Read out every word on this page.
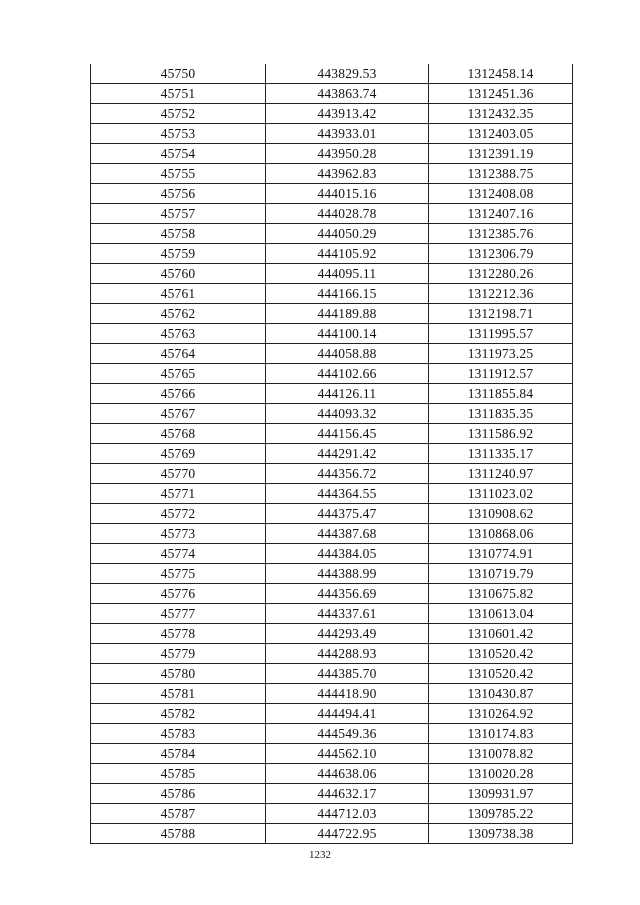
45750	443829.53	1312458.14
45751	443863.74	1312451.36
45752	443913.42	1312432.35
45753	443933.01	1312403.05
45754	443950.28	1312391.19
45755	443962.83	1312388.75
45756	444015.16	1312408.08
45757	444028.78	1312407.16
45758	444050.29	1312385.76
45759	444105.92	1312306.79
45760	444095.11	1312280.26
45761	444166.15	1312212.36
45762	444189.88	1312198.71
45763	444100.14	1311995.57
45764	444058.88	1311973.25
45765	444102.66	1311912.57
45766	444126.11	1311855.84
45767	444093.32	1311835.35
45768	444156.45	1311586.92
45769	444291.42	1311335.17
45770	444356.72	1311240.97
45771	444364.55	1311023.02
45772	444375.47	1310908.62
45773	444387.68	1310868.06
45774	444384.05	1310774.91
45775	444388.99	1310719.79
45776	444356.69	1310675.82
45777	444337.61	1310613.04
45778	444293.49	1310601.42
45779	444288.93	1310520.42
45780	444385.70	1310520.42
45781	444418.90	1310430.87
45782	444494.41	1310264.92
45783	444549.36	1310174.83
45784	444562.10	1310078.82
45785	444638.06	1310020.28
45786	444632.17	1309931.97
45787	444712.03	1309785.22
45788	444722.95	1309738.38
1232
